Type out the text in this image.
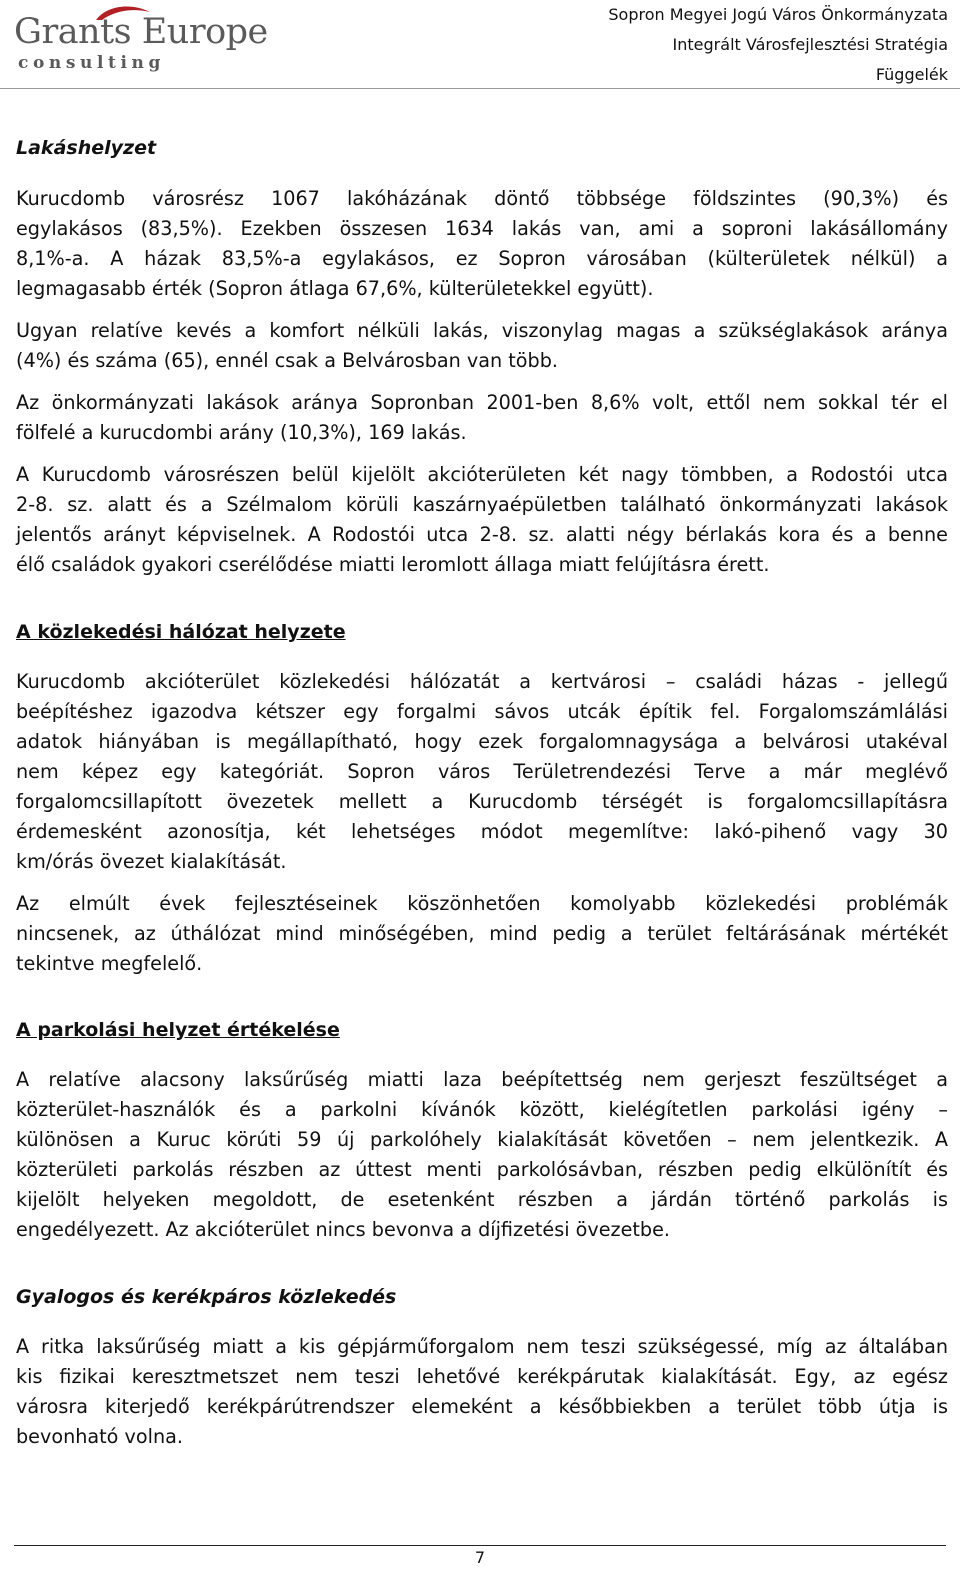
Grants Europe
consulting
Sopron Megyei Jogú Város Önkormányzata
Integrált Városfejlesztési Stratégia
Függelék
Lakáshelyzet
Kurucdomb városrész 1067 lakóházának döntő többsége földszintes (90,3%) és
egylakásos (83,5%). Ezekben összesen 1634 lakás van, ami a soproni lakásállomány
8,1%-a. A házak 83,5%-a egylakásos, ez Sopron városában (külterületek nélkül) a
legmagasabb érték (Sopron átlaga 67,6%, külterületekkel együtt).
Ugyan relatíve kevés a komfort nélküli lakás, viszonylag magas a szükséglakások aránya
(4%) és száma (65), ennél csak a Belvárosban van több.
Az önkormányzati lakások aránya Sopronban 2001-ben 8,6% volt, ettől nem sokkal tér el
fölfelé a kurucdombi arány (10,3%), 169 lakás.
A Kurucdomb városrészen belül kijelölt akcióterületen két nagy tömbben, a Rodostói utca
2-8. sz. alatt és a Szélmalom körüli kaszárnyaépületben található önkormányzati lakások
jelentős arányt képviselnek. A Rodostói utca 2-8. sz. alatti négy bérlakás kora és a benne
élő családok gyakori cserélődése miatti leromlott állaga miatt felújításra érett.
A közlekedési hálózat helyzete
Kurucdomb akcióterület közlekedési hálózatát a kertvárosi – családi házas - jellegű
beépítéshez igazodva kétszer egy forgalmi sávos utcák építik fel. Forgalomszámlálási
adatok hiányában is megállapítható, hogy ezek forgalomnagysága a belvárosi utakéval
nem képez egy kategóriát. Sopron város Területrendezési Terve a már meglévő
forgalomcsillapított övezetek mellett a Kurucdomb térségét is forgalomcsillapításra
érdemesként azonosítja, két lehetséges módot megemlítve: lakó-pihenő vagy 30
km/órás övezet kialakítását.
Az elmúlt évek fejlesztéseinek köszönhetően komolyabb közlekedési problémák
nincsenek, az úthálózat mind minőségében, mind pedig a terület feltárásának mértékét
tekintve megfelelő.
A parkolási helyzet értékelése
A relatíve alacsony laksűrűség miatti laza beépítettség nem gerjeszt feszültséget a
közterület-használók és a parkolni kívánók között, kielégítetlen parkolási igény –
különösen a Kuruc körúti 59 új parkolóhely kialakítását követően – nem jelentkezik. A
közterületi parkolás részben az úttest menti parkolósávban, részben pedig elkülönítít és
kijelölt helyeken megoldott, de esetenként részben a járdán történő parkolás is
engedélyezett. Az akcióterület nincs bevonva a díjfizetési övezetbe.
Gyalogos és kerékpáros közlekedés
A ritka laksűrűség miatt a kis gépjárműforgalom nem teszi szükségessé, míg az általában
kis fizikai keresztmetszet nem teszi lehetővé kerékpárutak kialakítását. Egy, az egész
városra kiterjedő kerékpárútrendszer elemeként a későbbiekben a terület több útja is
bevonható volna.
7
